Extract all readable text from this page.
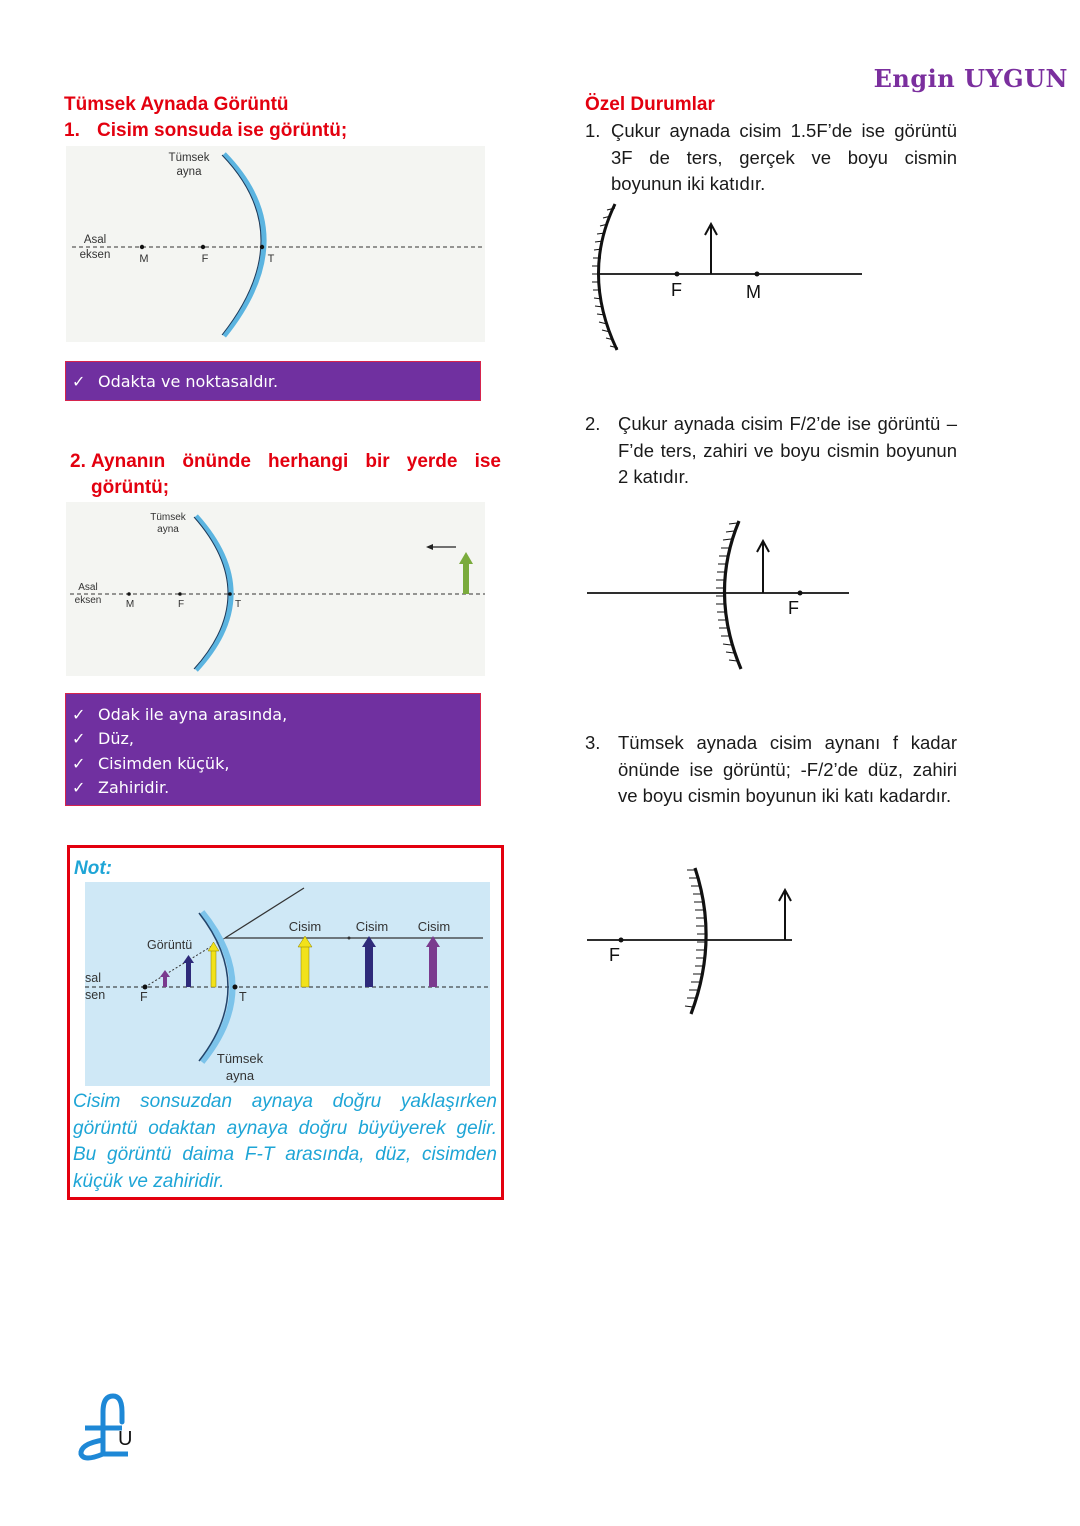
Engin UYGUN
Tümsek Aynada Görüntü
1. Cisim sonsuda ise görüntü;
Tümsek
ayna
Asal
eksen	M	F	T
✓ Odakta ve noktasaldır.
2. Aynanın önünde herhangi bir yerde ise
görüntü;
Tümsek
ayna
Asal
eksen M	F	T
✓ Odak ile ayna arasında,
✓ Düz,
✓ Cisimden küçük,
✓ Zahiridir.
Not:
Cisim	Cisim Cisim
Görüntü
sal
sen	F	T
Tümsek
ayna
Cisim sonsuzdan aynaya doğru yaklaşırken görüntü odaktan aynaya doğru büyüyerek gelir. Bu görüntü daima F-T arasında, düz, cisimden küçük ve zahiridir.
Özel Durumlar
1. Çukur aynada cisim 1.5F’de ise görüntü 3F de ters, gerçek ve boyu cismin boyunun iki katıdır.
F	M
2. Çukur aynada cisim F/2’de ise görüntü –F’de ters, zahiri ve boyu cismin boyunun 2 katıdır.
F
3. Tümsek aynada cisim aynanı f kadar önünde ise görüntü; -F/2’de düz, zahiri ve boyu cismin boyunun iki katı kadardır.
F
U
